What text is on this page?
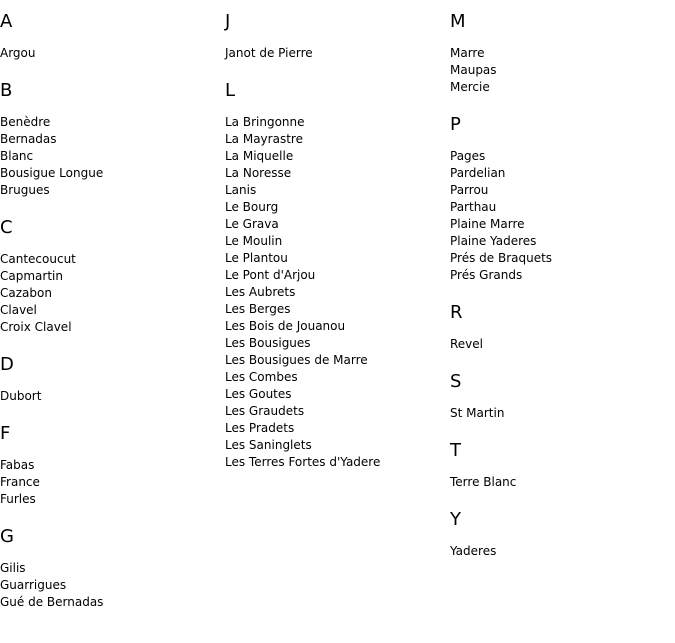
A
Argou
B
Benèdre
Bernadas
Blanc
Bousigue Longue
Brugues
C
Cantecoucut
Capmartin
Cazabon
Clavel
Croix Clavel
D
Dubort
F
Fabas
France
Furles
G
Gilis
Guarrigues
Gué de Bernadas
J
Janot de Pierre
L
La Bringonne
La Mayrastre
La Miquelle
La Noresse
Lanis
Le Bourg
Le Grava
Le Moulin
Le Plantou
Le Pont d'Arjou
Les Aubrets
Les Berges
Les Bois de Jouanou
Les Bousigues
Les Bousigues de Marre
Les Combes
Les Goutes
Les Graudets
Les Pradets
Les Saninglets
Les Terres Fortes d'Yadere
M
Marre
Maupas
Mercie
P
Pages
Pardelian
Parrou
Parthau
Plaine Marre
Plaine Yaderes
Prés de Braquets
Prés Grands
R
Revel
S
St Martin
T
Terre Blanc
Y
Yaderes
